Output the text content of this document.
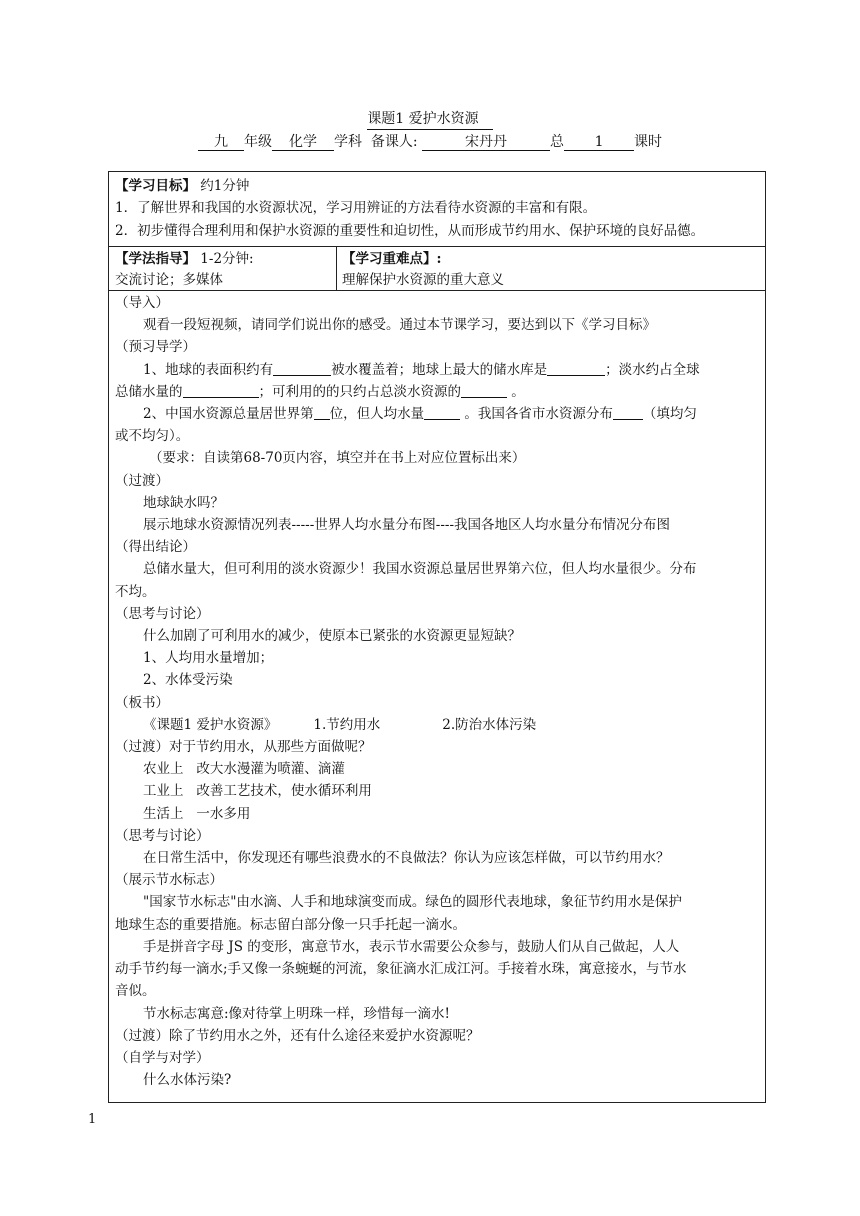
课题1 爱护水资源
九 年级 化学 学科 备课人:	宋丹丹	总 1 课时
【学习目标】 约1分钟
1．了解世界和我国的水资源状况，学习用辨证的方法看待水资源的丰富和有限。
2．初步懂得合理利用和保护水资源的重要性和迫切性，从而形成节约用水、保护环境的良好品德。
【学法指导】 1-2分钟:
交流讨论；多媒体
【学习重难点】:
理解保护水资源的重大意义
（导入）
观看一段短视频，请同学们说出你的感受。通过本节课学习，要达到以下《学习目标》
（预习导学）
1、地球的表面积约有	被水覆盖着；地球上最大的储水库是	；淡水约占全球
总储水量的	；可利用的的只约占总淡水资源的	。
2、中国水资源总量居世界第 位，但人均水量	。我国各省市水资源分布 （填均匀
或不均匀）。
（要求：自读第68-70页内容，填空并在书上对应位置标出来）
（过渡）
地球缺水吗？
展示地球水资源情况列表-----世界人均水量分布图----我国各地区人均水量分布情况分布图
（得出结论）
总储水量大，但可利用的淡水资源少！我国水资源总量居世界第六位，但人均水量很少。分布
不均。
（思考与讨论）
什么加剧了可利用水的减少，使原本已紧张的水资源更显短缺？
1、人均用水量增加；
2、水体受污染
（板书）
《课题1 爱护水资源》	1.节约用水	2.防治水体污染
（过渡）对于节约用水，从那些方面做呢？
农业上   改大水漫灌为喷灌、滴灌
工业上   改善工艺技术，使水循环利用
生活上   一水多用
（思考与讨论）
在日常生活中，你发现还有哪些浪费水的不良做法？你认为应该怎样做，可以节约用水？
（展示节水标志）
"国家节水标志"由水滴、人手和地球演变而成。绿色的圆形代表地球，象征节约用水是保护
地球生态的重要措施。标志留白部分像一只手托起一滴水。
手是拼音字母 JS 的变形，寓意节水，表示节水需要公众参与，鼓励人们从自己做起，人人
动手节约每一滴水;手又像一条蜿蜒的河流，象征滴水汇成江河。手接着水珠，寓意接水，与节水
音似。
节水标志寓意:像对待掌上明珠一样，珍惜每一滴水!
（过渡）除了节约用水之外，还有什么途径来爱护水资源呢？
（自学与对学）
什么水体污染?
1
